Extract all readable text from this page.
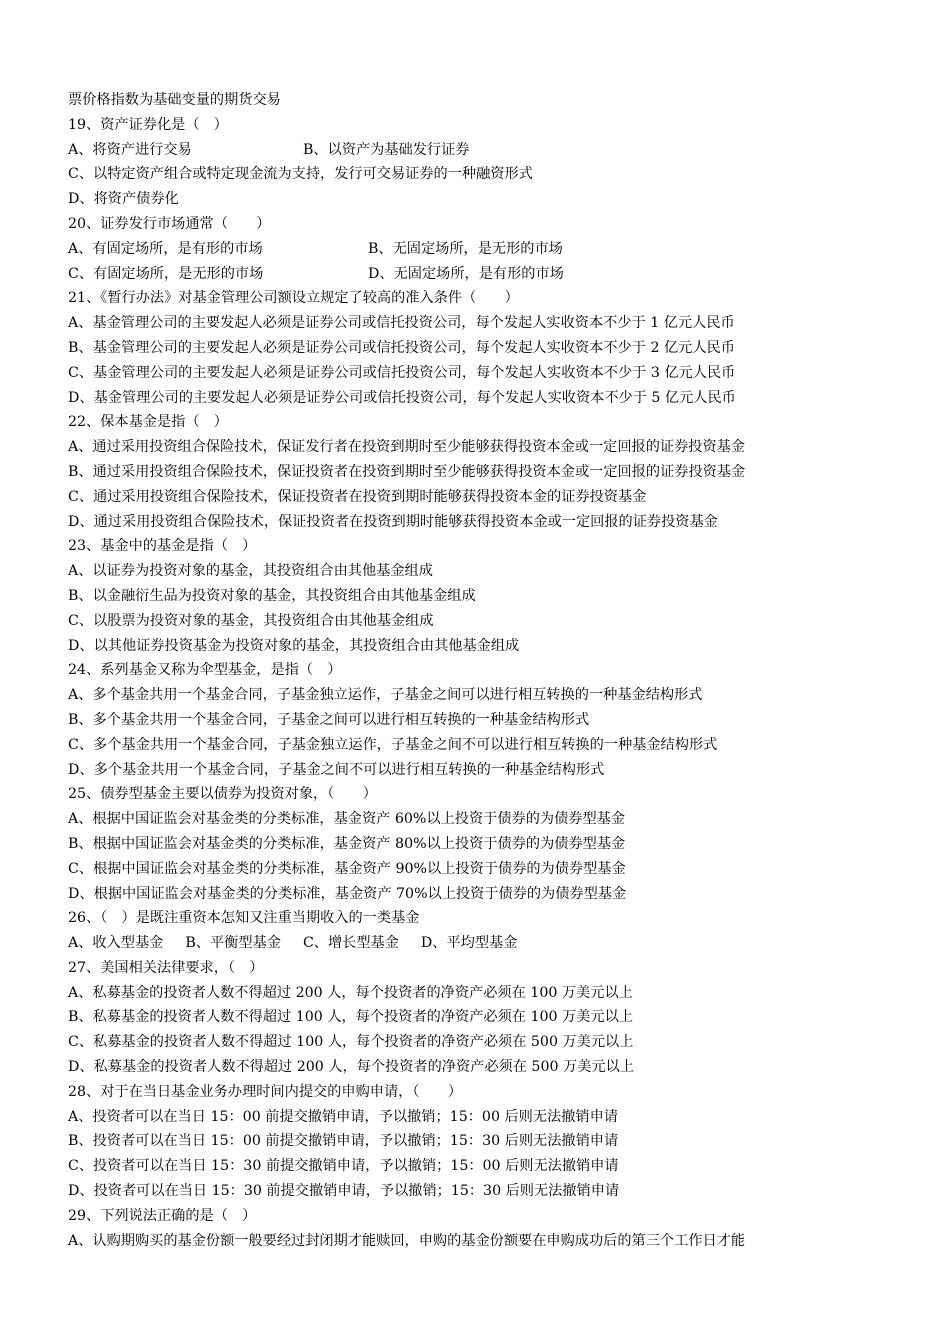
票价格指数为基础变量的期货交易
19、资产证券化是（　）
A、将资产进行交易	B、以资产为基础发行证券
C、以特定资产组合或特定现金流为支持，发行可交易证券的一种融资形式
D、将资产债券化
20、证券发行市场通常（　　）
A、有固定场所，是有形的市场	B、无固定场所，是无形的市场
C、有固定场所，是无形的市场	D、无固定场所，是有形的市场
21、《暂行办法》对基金管理公司额设立规定了较高的准入条件（　　）
A、基金管理公司的主要发起人必须是证券公司或信托投资公司，每个发起人实收资本不少于 1 亿元人民币
B、基金管理公司的主要发起人必须是证券公司或信托投资公司，每个发起人实收资本不少于 2 亿元人民币
C、基金管理公司的主要发起人必须是证券公司或信托投资公司，每个发起人实收资本不少于 3 亿元人民币
D、基金管理公司的主要发起人必须是证券公司或信托投资公司，每个发起人实收资本不少于 5 亿元人民币
22、保本基金是指（　）
A、通过采用投资组合保险技术，保证发行者在投资到期时至少能够获得投资本金或一定回报的证券投资基金
B、通过采用投资组合保险技术，保证投资者在投资到期时至少能够获得投资本金或一定回报的证券投资基金
C、通过采用投资组合保险技术，保证投资者在投资到期时能够获得投资本金的证券投资基金
D、通过采用投资组合保险技术，保证投资者在投资到期时能够获得投资本金或一定回报的证券投资基金
23、基金中的基金是指（　）
A、以证券为投资对象的基金，其投资组合由其他基金组成
B、以金融衍生品为投资对象的基金，其投资组合由其他基金组成
C、以股票为投资对象的基金，其投资组合由其他基金组成
D、以其他证券投资基金为投资对象的基金，其投资组合由其他基金组成
24、系列基金又称为伞型基金，是指（　）
A、多个基金共用一个基金合同，子基金独立运作，子基金之间可以进行相互转换的一种基金结构形式
B、多个基金共用一个基金合同，子基金之间可以进行相互转换的一种基金结构形式
C、多个基金共用一个基金合同，子基金独立运作，子基金之间不可以进行相互转换的一种基金结构形式
D、多个基金共用一个基金合同，子基金之间不可以进行相互转换的一种基金结构形式
25、债券型基金主要以债券为投资对象，（　　）
A、根据中国证监会对基金类的分类标准，基金资产 60%以上投资于债券的为债券型基金
B、根据中国证监会对基金类的分类标准，基金资产 80%以上投资于债券的为债券型基金
C、根据中国证监会对基金类的分类标准，基金资产 90%以上投资于债券的为债券型基金
D、根据中国证监会对基金类的分类标准，基金资产 70%以上投资于债券的为债券型基金
26、（　）是既注重资本怎知又注重当期收入的一类基金
A、收入型基金 B、平衡型基金 C、增长型基金 D、平均型基金
27、美国相关法律要求，（　）
A、私募基金的投资者人数不得超过 200 人，每个投资者的净资产必须在 100 万美元以上
B、私募基金的投资者人数不得超过 100 人，每个投资者的净资产必须在 100 万美元以上
C、私募基金的投资者人数不得超过 100 人，每个投资者的净资产必须在 500 万美元以上
D、私募基金的投资者人数不得超过 200 人，每个投资者的净资产必须在 500 万美元以上
28、对于在当日基金业务办理时间内提交的申购申请，（　　）
A、投资者可以在当日 15：00 前提交撤销申请，予以撤销；15：00 后则无法撤销申请
B、投资者可以在当日 15：00 前提交撤销申请，予以撤销；15：30 后则无法撤销申请
C、投资者可以在当日 15：30 前提交撤销申请，予以撤销；15：00 后则无法撤销申请
D、投资者可以在当日 15：30 前提交撤销申请，予以撤销；15：30 后则无法撤销申请
29、下列说法正确的是（　）
A、认购期购买的基金份额一般要经过封闭期才能赎回，申购的基金份额要在申购成功后的第三个工作日才能
